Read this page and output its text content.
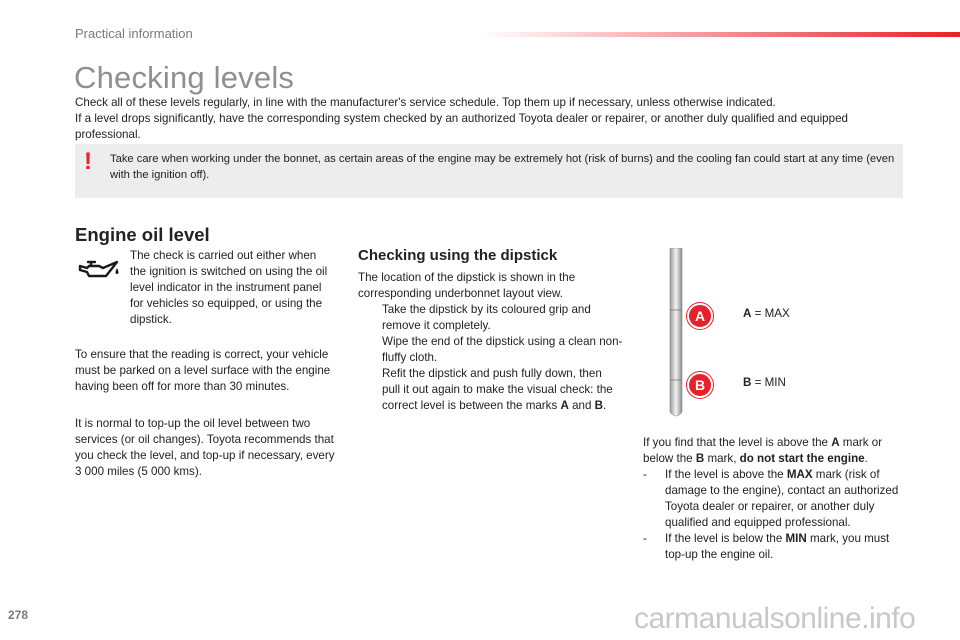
Practical information
Checking levels

Check all of these levels regularly, in line with the manufacturer's service schedule. Top them up if necessary, unless otherwise indicated.

If a level drops significantly, have the corresponding system checked by an authorized Toyota dealer or repairer, or another duly qualified and equipped professional.

! Take care when working under the bonnet, as certain areas of the engine may be extremely hot (risk of burns) and the cooling fan could start at any time (even with the ignition off).
Engine oil level
The check is carried out either when the ignition is switched on using the oil level indicator in the instrument panel for vehicles so equipped, or using the dipstick.
To ensure that the reading is correct, your vehicle must be parked on a level surface with the engine having been off for more than 30 minutes.
It is normal to top-up the oil level between two services (or oil changes). Toyota recommends that you check the level, and top-up if necessary, every 3 000 miles (5 000 kms).
Checking using the dipstick
The location of the dipstick is shown in the corresponding underbonnet layout view.
Take the dipstick by its coloured grip and remove it completely.
Wipe the end of the dipstick using a clean non-fluffy cloth.
Refit the dipstick and push fully down, then pull it out again to make the visual check: the correct level is between the marks A and B.
A
B
A = MAX
B = MIN

If you find that the level is above the A mark or below the B mark, do not start the engine.

- If the level is above the MAX mark (risk of damage to the engine), contact an authorized Toyota dealer or repairer, or another duly qualified and equipped professional.
- If the level is below the MIN mark, you must top-up the engine oil.
278	carmanualsonline.info
